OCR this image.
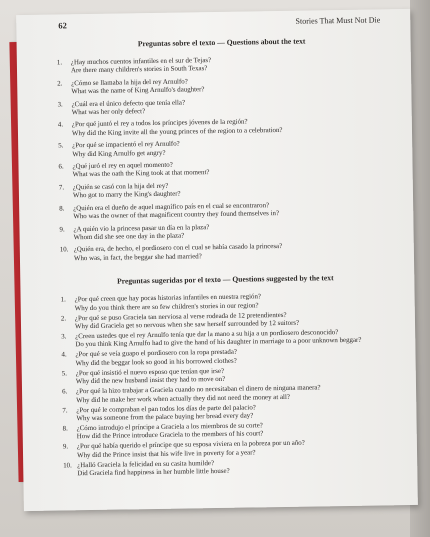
62	Stories That Must Not Die
Preguntas sobre el texto — Questions about the text
1.	¿Hay muchos cuentos infantiles en el sur de Tejas?
Are there many children's stories in South Texas?
2.	¿Cómo se llamaba la hija del rey Arnulfo?
What was the name of King Arnulfo's daughter?
3.	¿Cuál era el único defecto que tenía ella?
What was her only defect?
4.	¿Por qué juntó el rey a todos los príncipes jóvenes de la región?
Why did the King invite all the young princes of the region to a celebration?
5.	¿Por qué se impacientó el rey Arnulfo?
Why did King Arnulfo get angry?
6.	¿Qué juró el rey en aquel momento?
What was the oath the King took at that moment?
7.	¿Quién se casó con la hija del rey?
Who got to marry the King's daughter?
8.	¿Quién era el dueño de aquel magnífico país en el cual se encontraron?
Who was the owner of that magnificent country they found themselves in?
9.	¿A quién vio la princesa pasar un día en la plaza?
Whom did she see one day in the plaza?
10. ¿Quién era, de hecho, el pordiosero con el cual se había casado la princesa?
Who was, in fact, the beggar she had married?
Preguntas sugeridas por el texto — Questions suggested by the text
1.	¿Por qué creen que hay pocas historias infantiles en nuestra región?
Why do you think there are so few children's stories in our region?
2.	¿Por qué se puso Graciela tan nerviosa al verse rodeada de 12 pretendientes?
Why did Graciela get so nervous when she saw herself surrounded by 12 suitors?
3.	¿Creen ustedes que el rey Arnulfo tenía que dar la mano a su hija a un pordiosero desconocido?
Do you think King Arnulfo had to give the hand of his daughter in marriage to a poor unknown beggar?
4.	¿Por qué se veía guapo el pordiosero con la ropa prestada?
Why did the beggar look so good in his borrowed clothes?
5.	¿Por qué insistió el nuevo esposo que tenían que irse?
Why did the new husband insist they had to move on?
6.	¿Por qué la hizo trabajar a Graciela cuando no necesitaban el dinero de ninguna manera?
Why did he make her work when actually they did not need the money at all?
7.	¿Por qué le compraban el pan todos los días de parte del palacio?
Why was someone from the palace buying her bread every day?
8.	¿Cómo introdujo el príncipe a Graciela a los miembros de su corte?
How did the Prince introduce Graciela to the members of his court?
9.	¿Por qué había querido el príncipe que su esposa viviera en la pobreza por un año?
Why did the Prince insist that his wife live in poverty for a year?
10. ¿Halló Graciela la felicidad en su casita humilde?
Did Graciela find happiness in her humble little house?
